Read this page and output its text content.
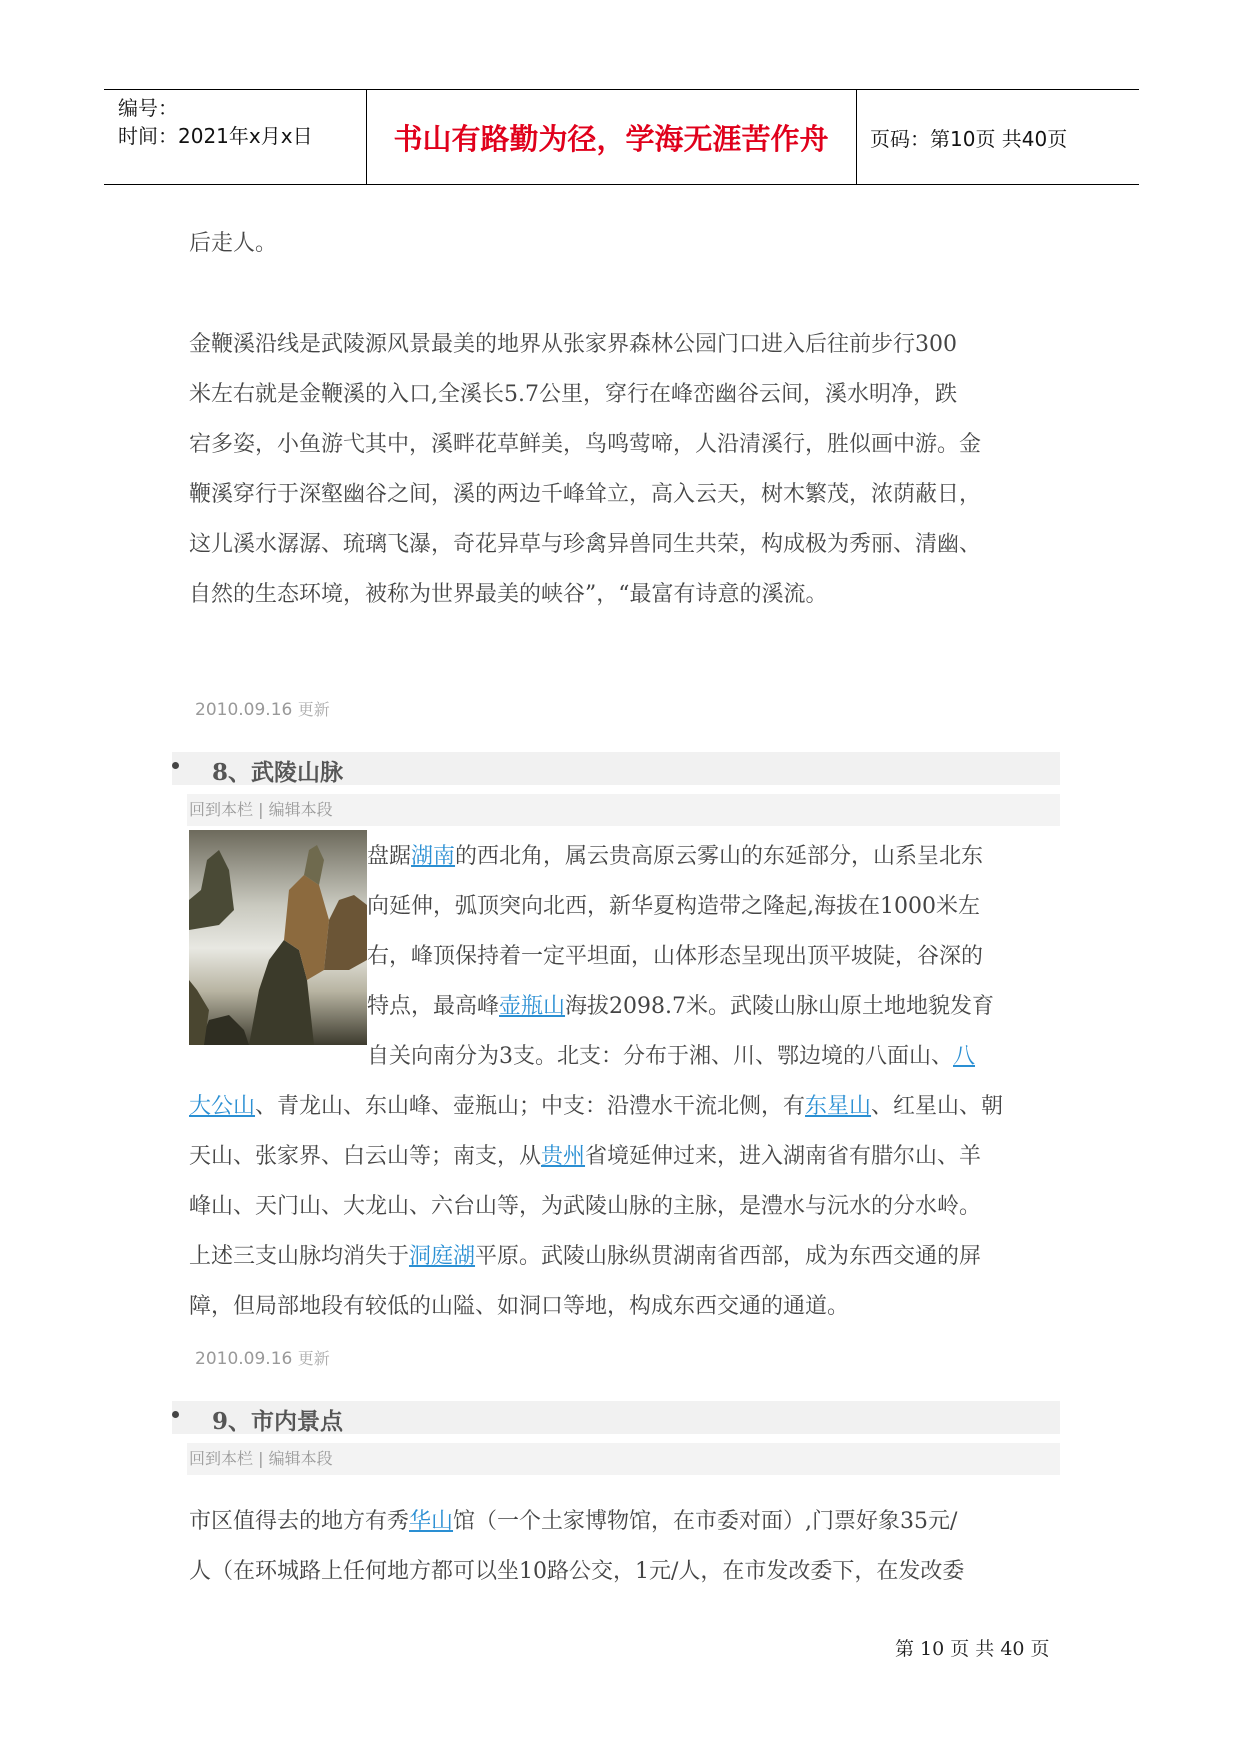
编号：
时间：2021年x月x日	书山有路勤为径，学海无涯苦作舟	页码：第10页 共40页
后走人。
金鞭溪沿线是武陵源风景最美的地界从张家界森林公园门口进入后往前步行300
米左右就是金鞭溪的入口,全溪长5.7公里，穿行在峰峦幽谷云间，溪水明净，跌
宕多姿，小鱼游弋其中，溪畔花草鲜美，鸟鸣莺啼，人沿清溪行，胜似画中游。金
鞭溪穿行于深壑幽谷之间，溪的两边千峰耸立，高入云天，树木繁茂，浓荫蔽日，
这儿溪水潺潺、琉璃飞瀑，奇花异草与珍禽异兽同生共荣，构成极为秀丽、清幽、
自然的生态环境，被称为世界最美的峡谷”，“最富有诗意的溪流。
2010.09.16 更新
8、武陵山脉
回到本栏 | 编辑本段
盘踞湖南的西北角，属云贵高原云雾山的东延部分，山系呈北东
向延伸，弧顶突向北西，新华夏构造带之隆起,海拔在1000米左
右，峰顶保持着一定平坦面，山体形态呈现出顶平坡陡，谷深的
特点，最高峰壶瓶山海拔2098.7米。武陵山脉山原土地地貌发育
自关向南分为3支。北支：分布于湘、川、鄂边境的八面山、八
大公山、青龙山、东山峰、壶瓶山；中支：沿澧水干流北侧，有东星山、红星山、朝
天山、张家界、白云山等；南支，从贵州省境延伸过来，进入湖南省有腊尔山、羊
峰山、天门山、大龙山、六台山等，为武陵山脉的主脉，是澧水与沅水的分水岭。
上述三支山脉均消失于洞庭湖平原。武陵山脉纵贯湖南省西部，成为东西交通的屏
障，但局部地段有较低的山隘、如洞口等地，构成东西交通的通道。
2010.09.16 更新
9、市内景点
回到本栏 | 编辑本段
市区值得去的地方有秀华山馆（一个土家博物馆，在市委对面）,门票好象35元/
人（在环城路上任何地方都可以坐10路公交，1元/人，在市发改委下，在发改委
第 10 页 共 40 页
